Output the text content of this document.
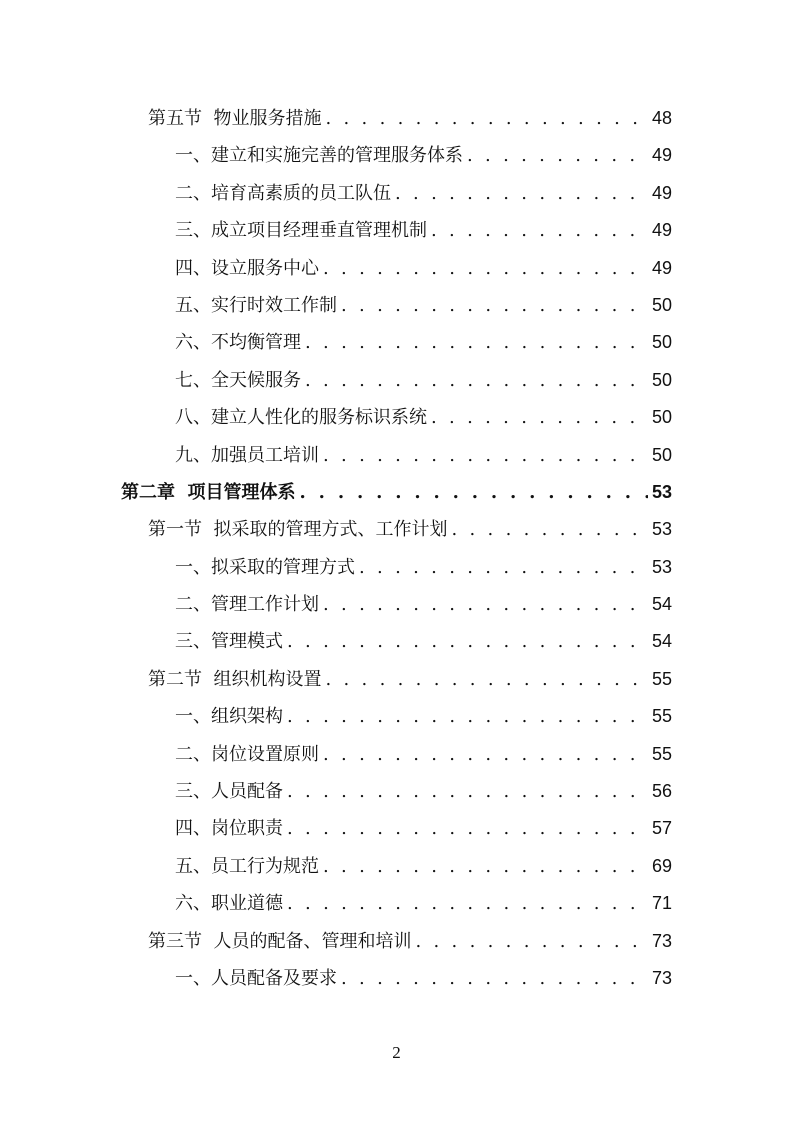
第五节  物业服务措施 . . .	48
一、建立和实施完善的管理服务体系 . . .	49
二、培育高素质的员工队伍 . . .	49
三、成立项目经理垂直管理机制 . . .	49
四、设立服务中心 . . .	49
五、实行时效工作制 . . .	50
六、不均衡管理 . . .	50
七、全天候服务 . . .	50
八、建立人性化的服务标识系统 . . .	50
九、加强员工培训 . . .	50
第二章  项目管理体系 . . .	53
第一节  拟采取的管理方式、工作计划 . . .	53
一、拟采取的管理方式 . . .	53
二、管理工作计划 . . .	54
三、管理模式 . . .	54
第二节  组织机构设置 . . .	55
一、组织架构 . . .	55
二、岗位设置原则 . . .	55
三、人员配备 . . .	56
四、岗位职责 . . .	57
五、员工行为规范 . . .	69
六、职业道德 . . .	71
第三节  人员的配备、管理和培训 . . .	73
一、人员配备及要求 . . .	73
2
